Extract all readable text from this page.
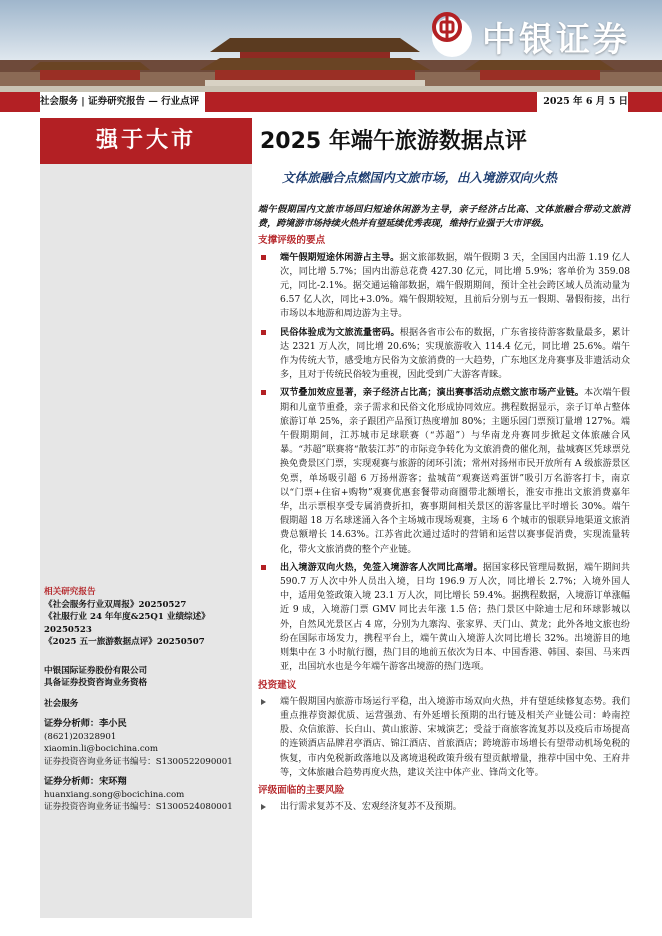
中银证券
社会服务 | 证券研究报告 — 行业点评	2025 年 6 月 5 日
强于大市

相关研究报告

《社会服务行业双周报》20250527

《社服行业 24 年年度&25Q1 业绩综述》20250523

《2025 五一旅游数据点评》20250507

中银国际证券股份有限公司

具备证券投资咨询业务资格

社会服务

证券分析师：李小民

(8621)20328901

xiaomin.li@bocichina.com

证券投资咨询业务证书编号：S1300522090001

证券分析师：宋环翔

huanxiang.song@bocichina.com

证券投资咨询业务证书编号：S1300524080001

2025 年端午旅游数据点评
文体旅融合点燃国内文旅市场，出入境游双向火热

端午假期国内文旅市场回归短途休闲游为主导，亲子经济占比高、文体旅融合带动文旅消费，跨境游市场持续火热并有望延续优秀表现，维持行业强于大市评级。

支撑评级的要点

端午假期短途休闲游占主导。据文旅部数据，端午假期 3 天，全国国内出游 1.19 亿人次，同比增 5.7%；国内出游总花费 427.30 亿元，同比增 5.9%；客单价为 359.08 元，同比-2.1%。据交通运输部数据，端午假期期间，预计全社会跨区域人员流动量为 6.57 亿人次，同比+3.0%。端午假期较短，且前后分别与五一假期、暑假衔接，出行市场以本地游和周边游为主导。

民俗体验成为文旅流量密码。根据各省市公布的数据，广东省接待游客数量最多，累计达 2321 万人次，同比增 20.6%；实现旅游收入 114.4 亿元，同比增 25.6%。端午作为传统大节，感受地方民俗为文旅消费的一大趋势，广东地区龙舟赛事及非遗活动众多，且对于传统民俗较为重视，因此受到广大游客青睐。

双节叠加效应显著，亲子经济占比高；演出赛事活动点燃文旅市场产业链。本次端午假期和儿童节重叠，亲子需求和民俗文化形成协同效应。携程数据显示，亲子订单占整体旅游订单 25%，亲子跟团产品预订热度增加 80%；主题乐园门票预订量增 127%。端午假期期间，江苏城市足球联赛（“苏超”）与华南龙舟赛同步掀起文体旅融合风暴。“苏超”联赛将“散装江苏”的市际竞争转化为文旅消费的催化剂，盐城赛区凭球票兑换免费景区门票，实现观赛与旅游的闭环引流；常州对扬州市民开放所有 A 级旅游景区免票，单场吸引超 6 万扬州游客；盐城苗“观赛送鸡蛋饼”吸引万名游客打卡，南京以“门票+住宿+购物”观赛优惠套餐带动商圈带北额增长，淮安市推出文旅消费嘉年华，出示票根享受专属消费折扣，赛事期间相关景区的游客量比平时增长 30%。端午假期超 18 万名球迷涌入各个主场城市现场观赛，主场 6 个城市的银联异地渠道文旅消费总额增长 14.63%。江苏省此次通过适时的营销和运营以赛事促消费，实现流量转化，带火文旅消费的整个产业链。

出入境游双向火热，免签入境游客人次同比高增。据国家移民管理局数据，端午期间共 590.7 万人次中外人员出入境，日均 196.9 万人次，同比增长 2.7%；入境外国人中，适用免签政策入境 23.1 万人次，同比增长 59.4%。据携程数据，入境游订单涨幅近 9 成，入境游门票 GMV 同比去年涨 1.5 倍；热门景区中除迪士尼和环球影城以外，自然风光景区占 4 席，分别为九寨沟、张家界、天门山、黄龙；此外各地文旅也纷纷在国际市场发力，携程平台上，端午黄山入境游人次同比增长 32%。出境游目的地则集中在 3 小时航行圈，热门目的地前五依次为日本、中国香港、韩国、泰国、马来西亚，出国坑水也是今年端午游客出境游的热门选项。

投资建议

端午假期国内旅游市场运行平稳，出入境游市场双向火热，并有望延续修复态势。我们重点推荐资源优质、运营强劲、有外延增长预期的出行链及相关产业链公司：岭南控股、众信旅游、长白山、黄山旅游、宋城演艺；受益于商旅客流复苏以及疫后市场提高的连锁酒店品牌君亭酒店、锦江酒店、首旅酒店；跨境游市场增长有望带动机场免税的恢复，市内免税新政落地以及离境退税政策升级有望贡献增量，推荐中国中免、王府井等，文体旅融合趋势再度火热，建议关注中体产业、锋尚文化等。

评级面临的主要风险

出行需求复苏不及、宏观经济复苏不及预期。
